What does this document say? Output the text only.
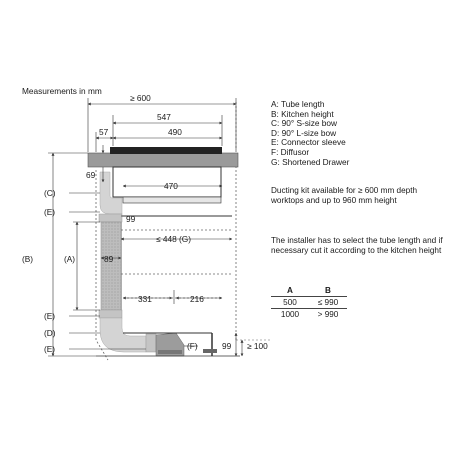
≥ 600
547
57	490
69
470
99
≤ 448 (G)
89
331	216
99 ≥ 100
(C)
(E)
(A)
(B)
(E)
(D)
(E)	(F)
Measurements in mm
A: Tube length
B: Kitchen height
C: 90° S-size bow
D: 90° L-size bow
E: Connector sleeve
F: Diffusor
G: Shortened Drawer
Ducting kit available for ≥ 600 mm depth worktops and up to 960 mm height
The installer has to select the tube length and if necessary cut it according to the kitchen height
A	B
500	≤ 990
1000	> 990
